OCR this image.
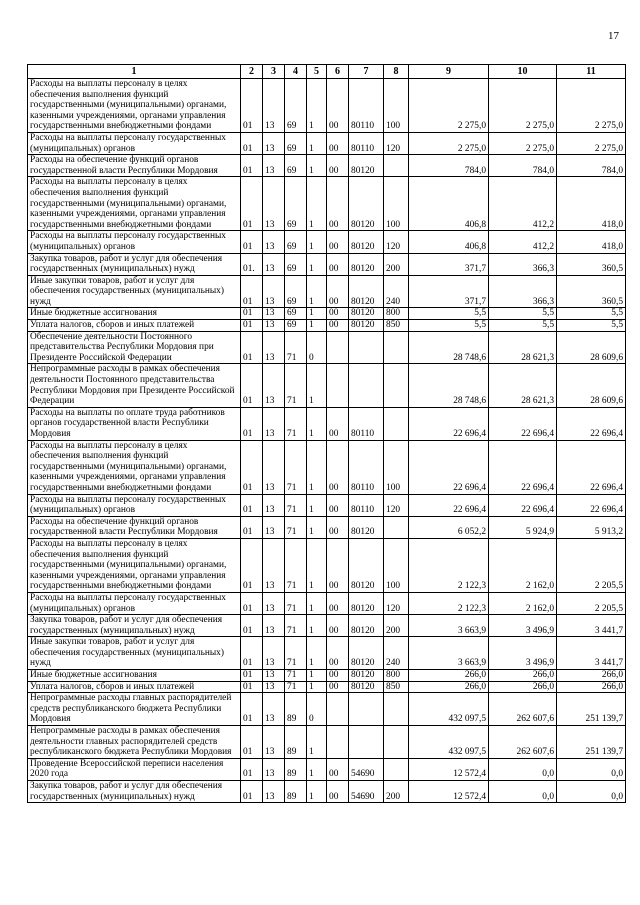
17
1	2	3	4	5	6	7	8	9	10	11
Расходы на выплаты персоналу в целях обеспечения выполнения функций государственными (муниципальными) органами, казенными учреждениями, органами управления государственными внебюджетными фондами	01	13	69	1	00	80110	100	2 275,0	2 275,0	2 275,0
Расходы на выплаты персоналу государственных (муниципальных) органов	01	13	69	1	00	80110	120	2 275,0	2 275,0	2 275,0
Расходы на обеспечение функций органов государственной власти Республики Мордовия	01	13	69	1	00	80120		784,0	784,0	784,0
Расходы на выплаты персоналу в целях обеспечения выполнения функций государственными (муниципальными) органами, казенными учреждениями, органами управления государственными внебюджетными фондами	01	13	69	1	00	80120	100	406,8	412,2	418,0
Расходы на выплаты персоналу государственных (муниципальных) органов	01	13	69	1	00	80120	120	406,8	412,2	418,0
Закупка товаров, работ и услуг для обеспечения государственных (муниципальных) нужд	01.	13	69	1	00	80120	200	371,7	366,3	360,5
Иные закупки товаров, работ и услуг для обеспечения государственных (муниципальных) нужд	01	13	69	1	00	80120	240	371,7	366,3	360,5
Иные бюджетные ассигнования	01	13	69	1	00	80120	800	5,5	5,5	5,5
Уплата налогов, сборов и иных платежей	01	13	69	1	00	80120	850	5,5	5,5	5,5
Обеспечение деятельности Постоянного представительства Республики Мордовия при Президенте Российской Федерации	01	13	71	0				28 748,6	28 621,3	28 609,6
Непрограммные расходы в рамках обеспечения деятельности Постоянного представительства Республики Мордовия при Президенте Российской Федерации	01	13	71	1				28 748,6	28 621,3	28 609,6
Расходы на выплаты по оплате труда работников органов государственной власти Республики Мордовия	01	13	71	1	00	80110		22 696,4	22 696,4	22 696,4
Расходы на выплаты персоналу в целях обеспечения выполнения функций государственными (муниципальными) органами, казенными учреждениями, органами управления государственными внебюджетными фондами	01	13	71	1	00	80110	100	22 696,4	22 696,4	22 696,4
Расходы на выплаты персоналу государственных (муниципальных) органов	01	13	71	1	00	80110	120	22 696,4	22 696,4	22 696,4
Расходы на обеспечение функций органов государственной власти Республики Мордовия	01	13	71	1	00	80120		6 052,2	5 924,9	5 913,2
Расходы на выплаты персоналу в целях обеспечения выполнения функций государственными (муниципальными) органами, казенными учреждениями, органами управления государственными внебюджетными фондами	01	13	71	1	00	80120	100	2 122,3	2 162,0	2 205,5
Расходы на выплаты персоналу государственных (муниципальных) органов	01	13	71	1	00	80120	120	2 122,3	2 162,0	2 205,5
Закупка товаров, работ и услуг для обеспечения государственных (муниципальных) нужд	01	13	71	1	00	80120	200	3 663,9	3 496,9	3 441,7
Иные закупки товаров, работ и услуг для обеспечения государственных (муниципальных) нужд	01	13	71	1	00	80120	240	3 663,9	3 496,9	3 441,7
Иные бюджетные ассигнования	01	13	71	1	00	80120	800	266,0	266,0	266,0
Уплата налогов, сборов и иных платежей	01	13	71	1	00	80120	850	266,0	266,0	266,0
Непрограммные расходы главных распорядителей средств республиканского бюджета Республики Мордовия	01	13	89	0				432 097,5	262 607,6	251 139,7
Непрограммные расходы в рамках обеспечения деятельности главных распорядителей средств республиканского бюджета Республики Мордовия	01	13	89	1				432 097,5	262 607,6	251 139,7
Проведение Всероссийской переписи населения 2020 года	01	13	89	1	00	54690		12 572,4	0,0	0,0
Закупка товаров, работ и услуг для обеспечения государственных (муниципальных) нужд	01	13	89	1	00	54690	200	12 572,4	0,0	0,0
